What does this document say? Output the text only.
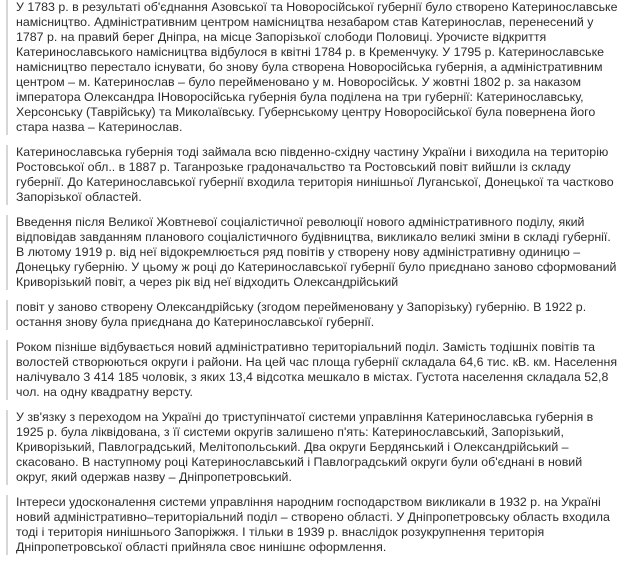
У 1783 р. в результаті об'єднання Азовської та Новоросійської губернії було створено Катеринославське
намісництво. Адміністративним центром намісництва незабаром став Катеринослав, перенесений у
1787 р. на правий берег Дніпра, на місце Запорізької слободи Половиці. Урочисте відкриття
Катеринославського намісництва відбулося в квітні 1784 р. в Кременчуку. У 1795 р. Катеринославське
намісництво перестало існувати, бо знову була створена Новоросійська губернія, а адміністративним
центром – м. Катеринослав – було перейменовано у м. Новоросійськ. У жовтні 1802 р. за наказом
імператора Олександра ІНоворосійська губернія була поділена на три губернії: Катеринославську,
Херсонську (Таврійську) та Миколаївську. Губернському центру Новоросійської була повернена його
стара назва – Катеринослав.
Катеринославська губернія тоді займала всю південно-східну частину України і виходила на територію
Ростовської обл.. в 1887 р. Таганрозьке градоначальство та Ростовський повіт вийшли із складу
губернії. До Катеринославської губернії входила територія нинішньої Луганської, Донецької та частково
Запорізької областей.
Введення після Великої Жовтневої соціалістичної революції нового адміністративного поділу, який
відповідав завданням планового соціалістичного будівництва, викликало великі зміни в складі губернії.
В лютому 1919 р. від неї відокремлюється ряд повітів у створену нову адміністративну одиницю –
Донецьку губернію. У цьому ж році до Катеринославської губернії було приєднано заново сформований
Криворізький повіт, а через рік від неї відходить Олександрійський
повіт у заново створену Олександрійську (згодом перейменовану у Запорізьку) губернію. В 1922 р.
остання знову була приєднана до Катеринославської губернії.
Роком пізніше відбувається новий адміністративно територіальний поділ. Замість тодішніх повітів та
волостей створюються округи і райони. На цей час площа губернії складала 64,6 тис. кВ. км. Населення
налічувало 3 414 185 чоловік, з яких 13,4 відсотка мешкало в містах. Густота населення складала 52,8
чол. на одну квадратну версту.
У зв'язку з переходом на Україні до триступінчатої системи управління Катеринославська губернія в
1925 р. була ліквідована, з її системи округів залишено п'ять: Катеринославський, Запорізький,
Криворізький, Павлоградський, Мелітопольський. Два округи Бердянський і Олександрійський –
скасовано. В наступному році Катеринославський і Павлоградський округи були об'єднані в новий
округ, який одержав назву – Дніпропетровський.
Інтереси удосконалення системи управління народним господарством викликали в 1932 р. на Україні
новий адміністративно–територіальний поділ – створено області. У Дніпропетровську область входила
тоді і територія нинішнього Запоріжжя. І тільки в 1939 р. внаслідок розукрупнення територія
Дніпропетровської області прийняла своє нинішнє оформлення.
